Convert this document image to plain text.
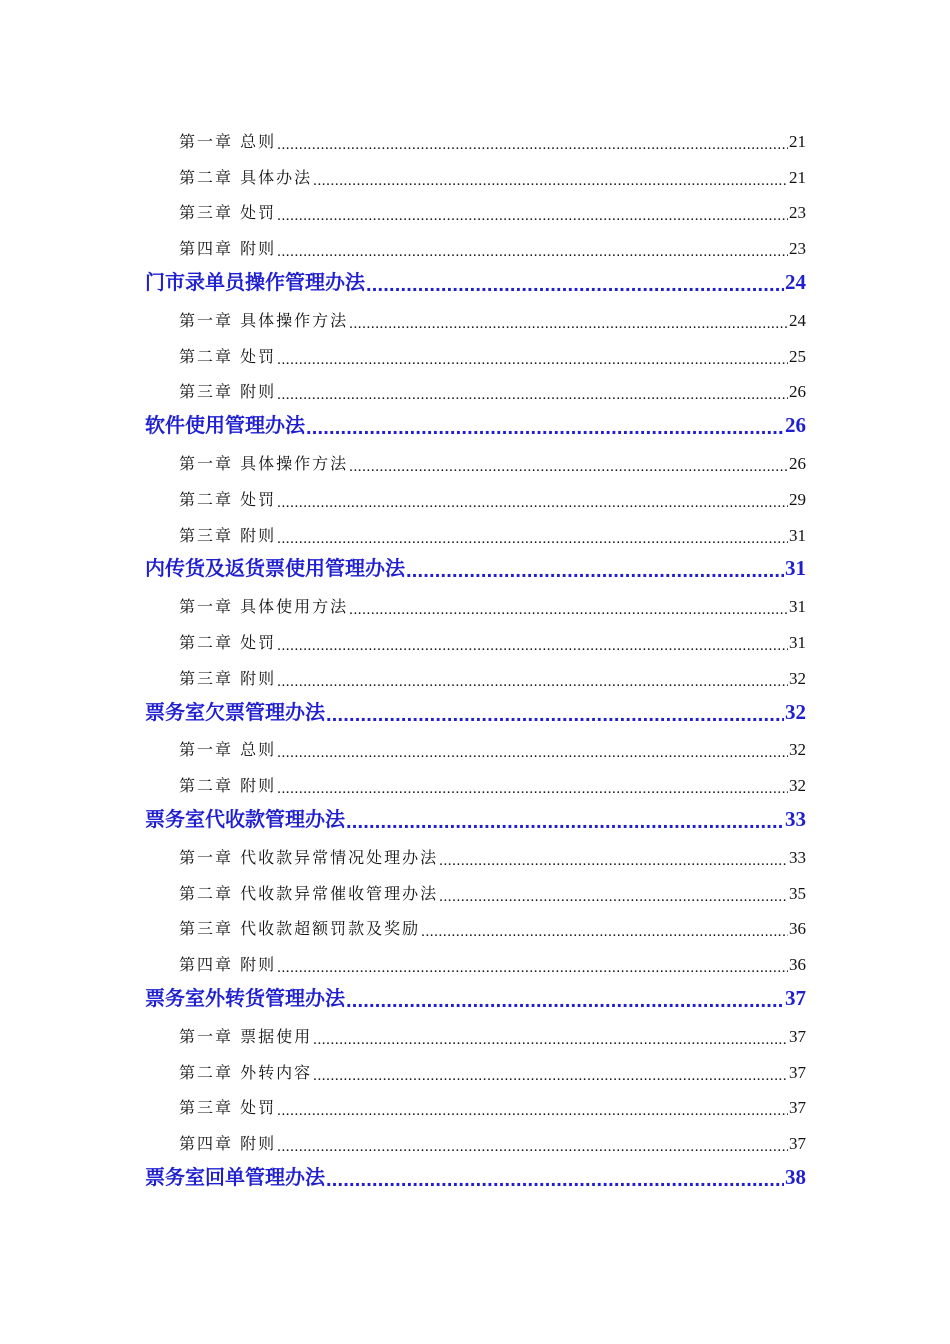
第一章 总则 .....	21
第二章 具体办法 .....	21
第三章 处罚 .....	23
第四章 附则 .....	23
门市录单员操作管理办法 .....	24
第一章 具体操作方法 .....	24
第二章 处罚 .....	25
第三章 附则 .....	26
软件使用管理办法 .....	26
第一章 具体操作方法 .....	26
第二章 处罚 .....	29
第三章 附则 .....	31
内传货及返货票使用管理办法 .....	31
第一章 具体使用方法 .....	31
第二章 处罚 .....	31
第三章 附则 .....	32
票务室欠票管理办法 .....	32
第一章 总则 .....	32
第二章 附则 .....	32
票务室代收款管理办法 .....	33
第一章 代收款异常情况处理办法 .....	33
第二章 代收款异常催收管理办法 .....	35
第三章 代收款超额罚款及奖励 .....	36
第四章 附则 .....	36
票务室外转货管理办法 .....	37
第一章 票据使用 .....	37
第二章 外转内容 .....	37
第三章 处罚 .....	37
第四章 附则 .....	37
票务室回单管理办法 .....	38
